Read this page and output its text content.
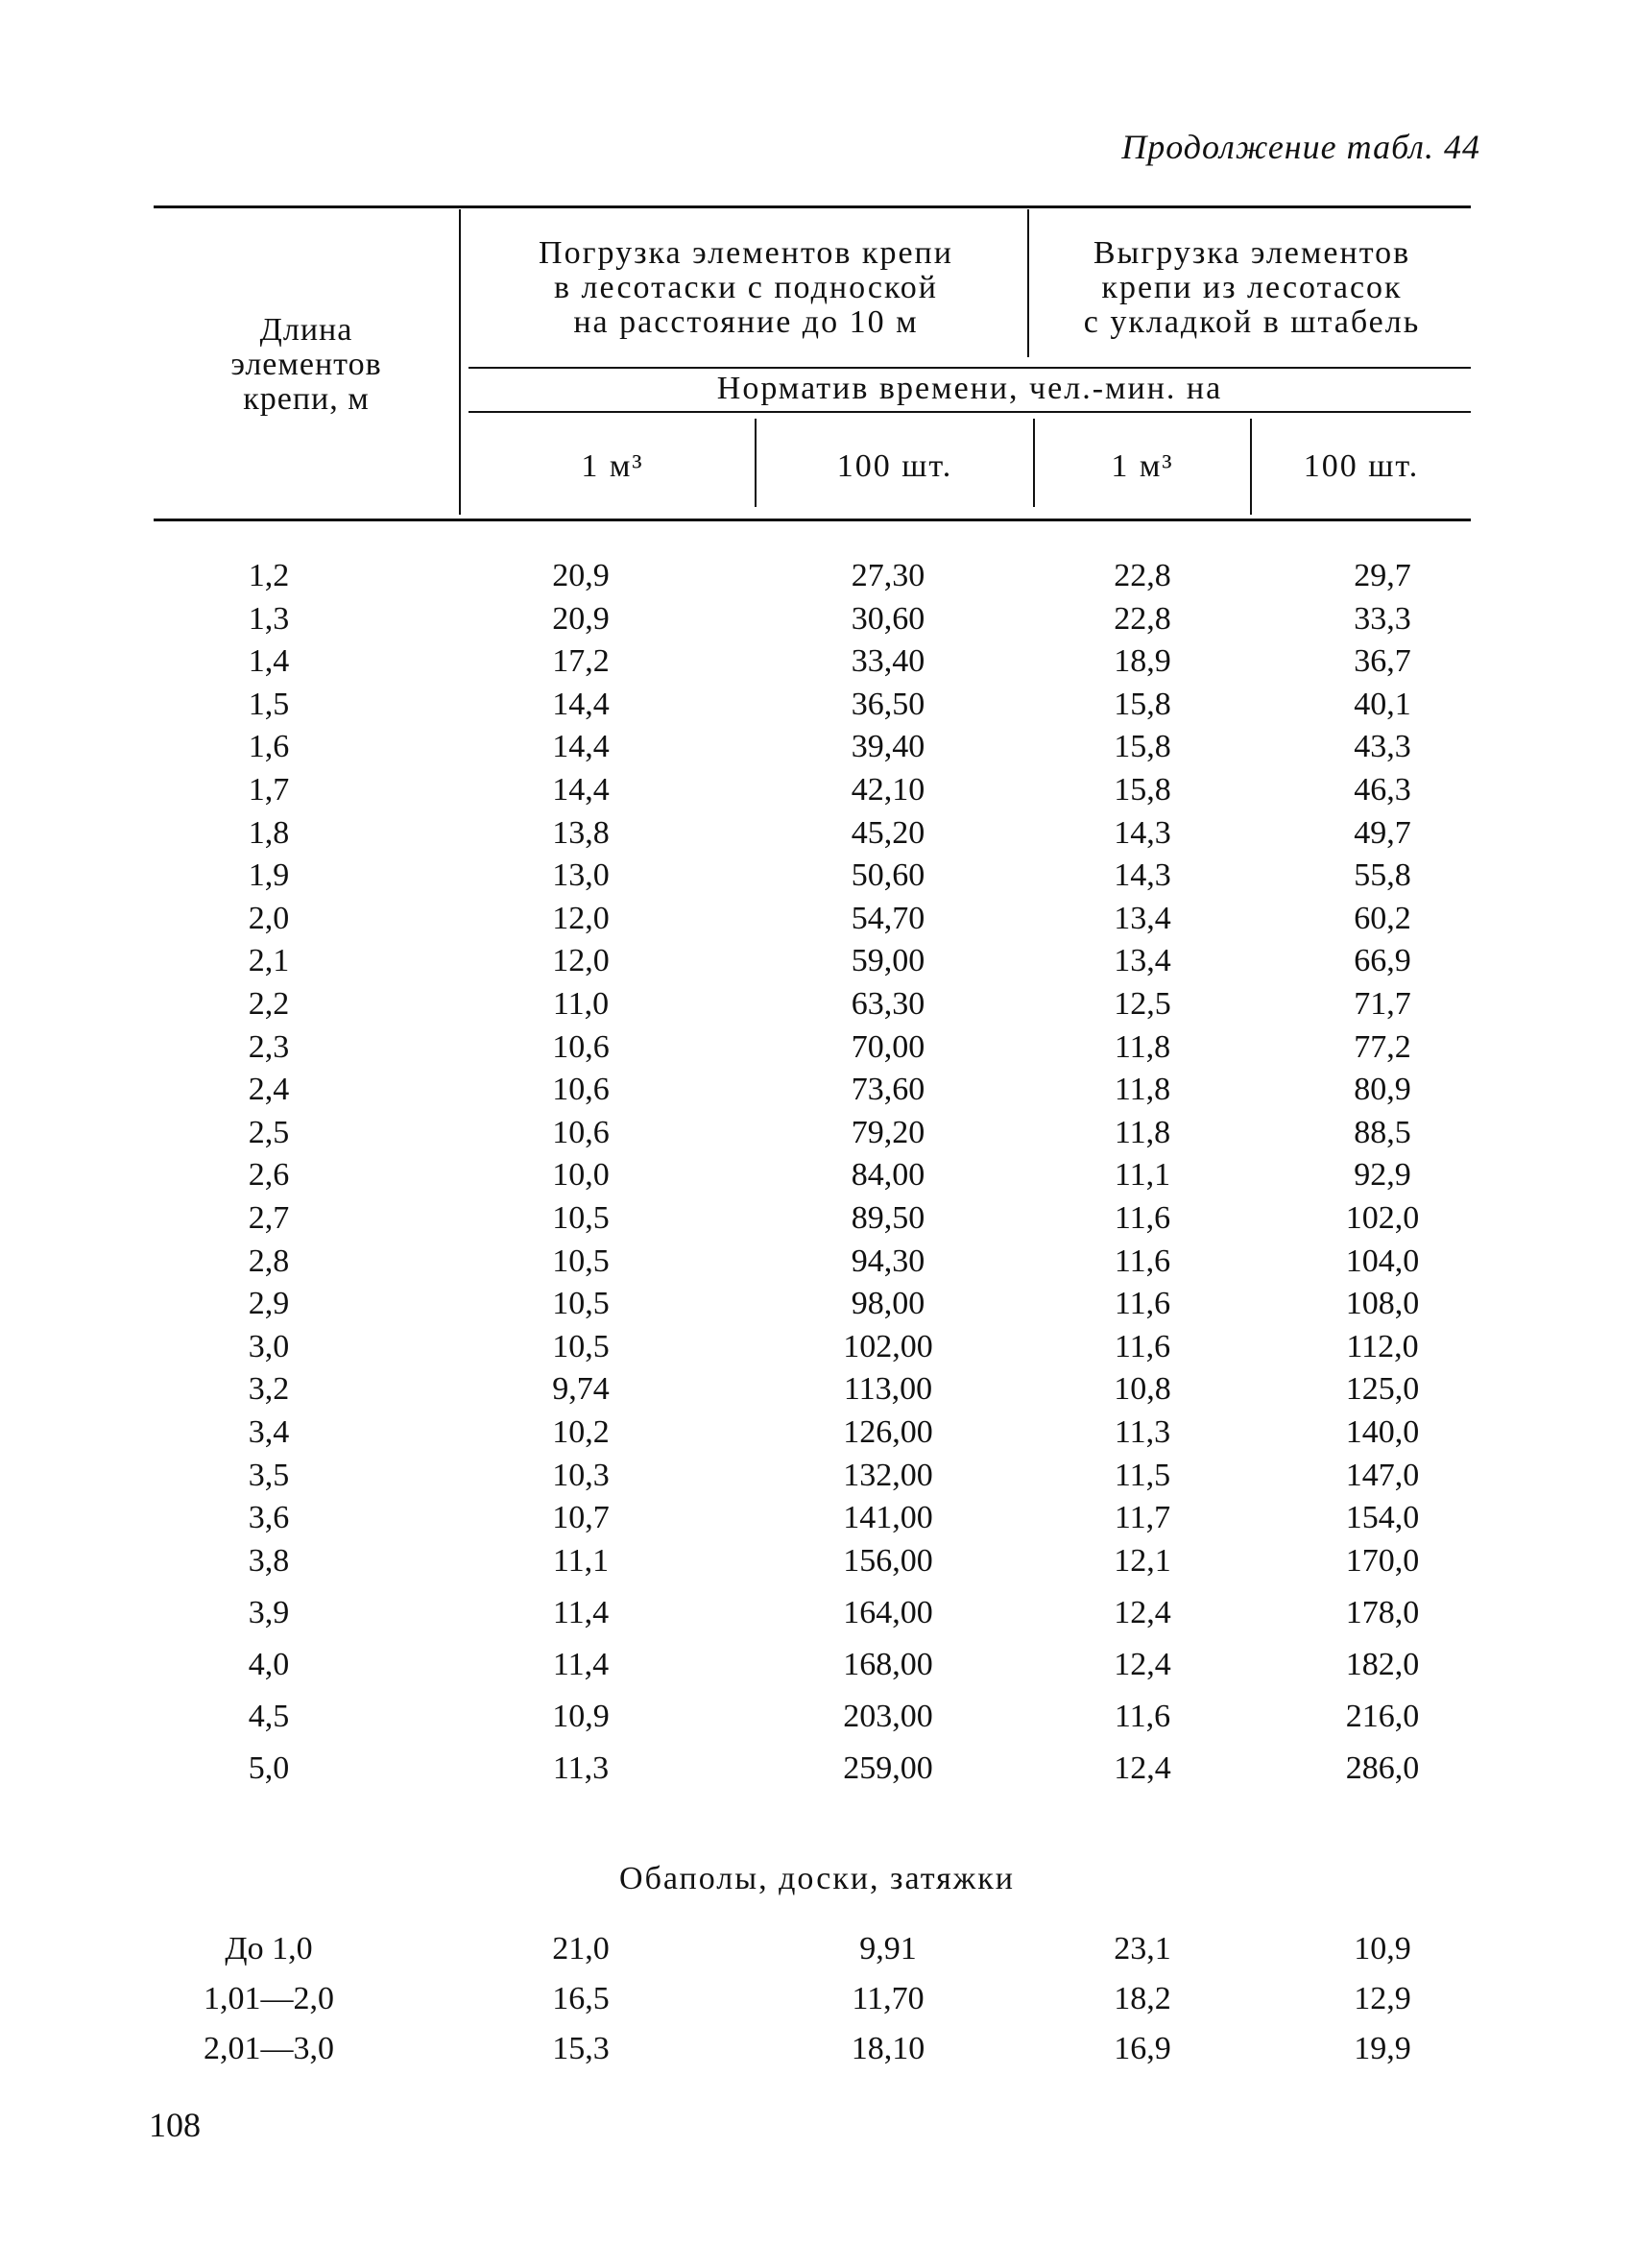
Продолжение табл. 44
Длина
элементов
крепи, м
Погрузка элементов крепи
в лесотаски с подноской
на расстояние до 10 м
Выгрузка элементов
крепи из лесотасок
с укладкой в штабель
Норматив времени, чел.-мин. на
1 м³	100 шт.	1 м³	100 шт.
1,2	20,9	27,30	22,8	29,7
1,3	20,9	30,60	22,8	33,3
1,4	17,2	33,40	18,9	36,7
1,5	14,4	36,50	15,8	40,1
1,6	14,4	39,40	15,8	43,3
1,7	14,4	42,10	15,8	46,3
1,8	13,8	45,20	14,3	49,7
1,9	13,0	50,60	14,3	55,8
2,0	12,0	54,70	13,4	60,2
2,1	12,0	59,00	13,4	66,9
2,2	11,0	63,30	12,5	71,7
2,3	10,6	70,00	11,8	77,2
2,4	10,6	73,60	11,8	80,9
2,5	10,6	79,20	11,8	88,5
2,6	10,0	84,00	11,1	92,9
2,7	10,5	89,50	11,6	102,0
2,8	10,5	94,30	11,6	104,0
2,9	10,5	98,00	11,6	108,0
3,0	10,5	102,00	11,6	112,0
3,2	9,74	113,00	10,8	125,0
3,4	10,2	126,00	11,3	140,0
3,5	10,3	132,00	11,5	147,0
3,6	10,7	141,00	11,7	154,0
3,8	11,1	156,00	12,1	170,0
3,9	11,4	164,00	12,4	178,0
4,0	11,4	168,00	12,4	182,0
4,5	10,9	203,00	11,6	216,0
5,0	11,3	259,00	12,4	286,0
Обаполы, доски, затяжки
До 1,0	21,0	9,91	23,1	10,9
1,01—2,0	16,5	11,70	18,2	12,9
2,01—3,0	15,3	18,10	16,9	19,9
108
